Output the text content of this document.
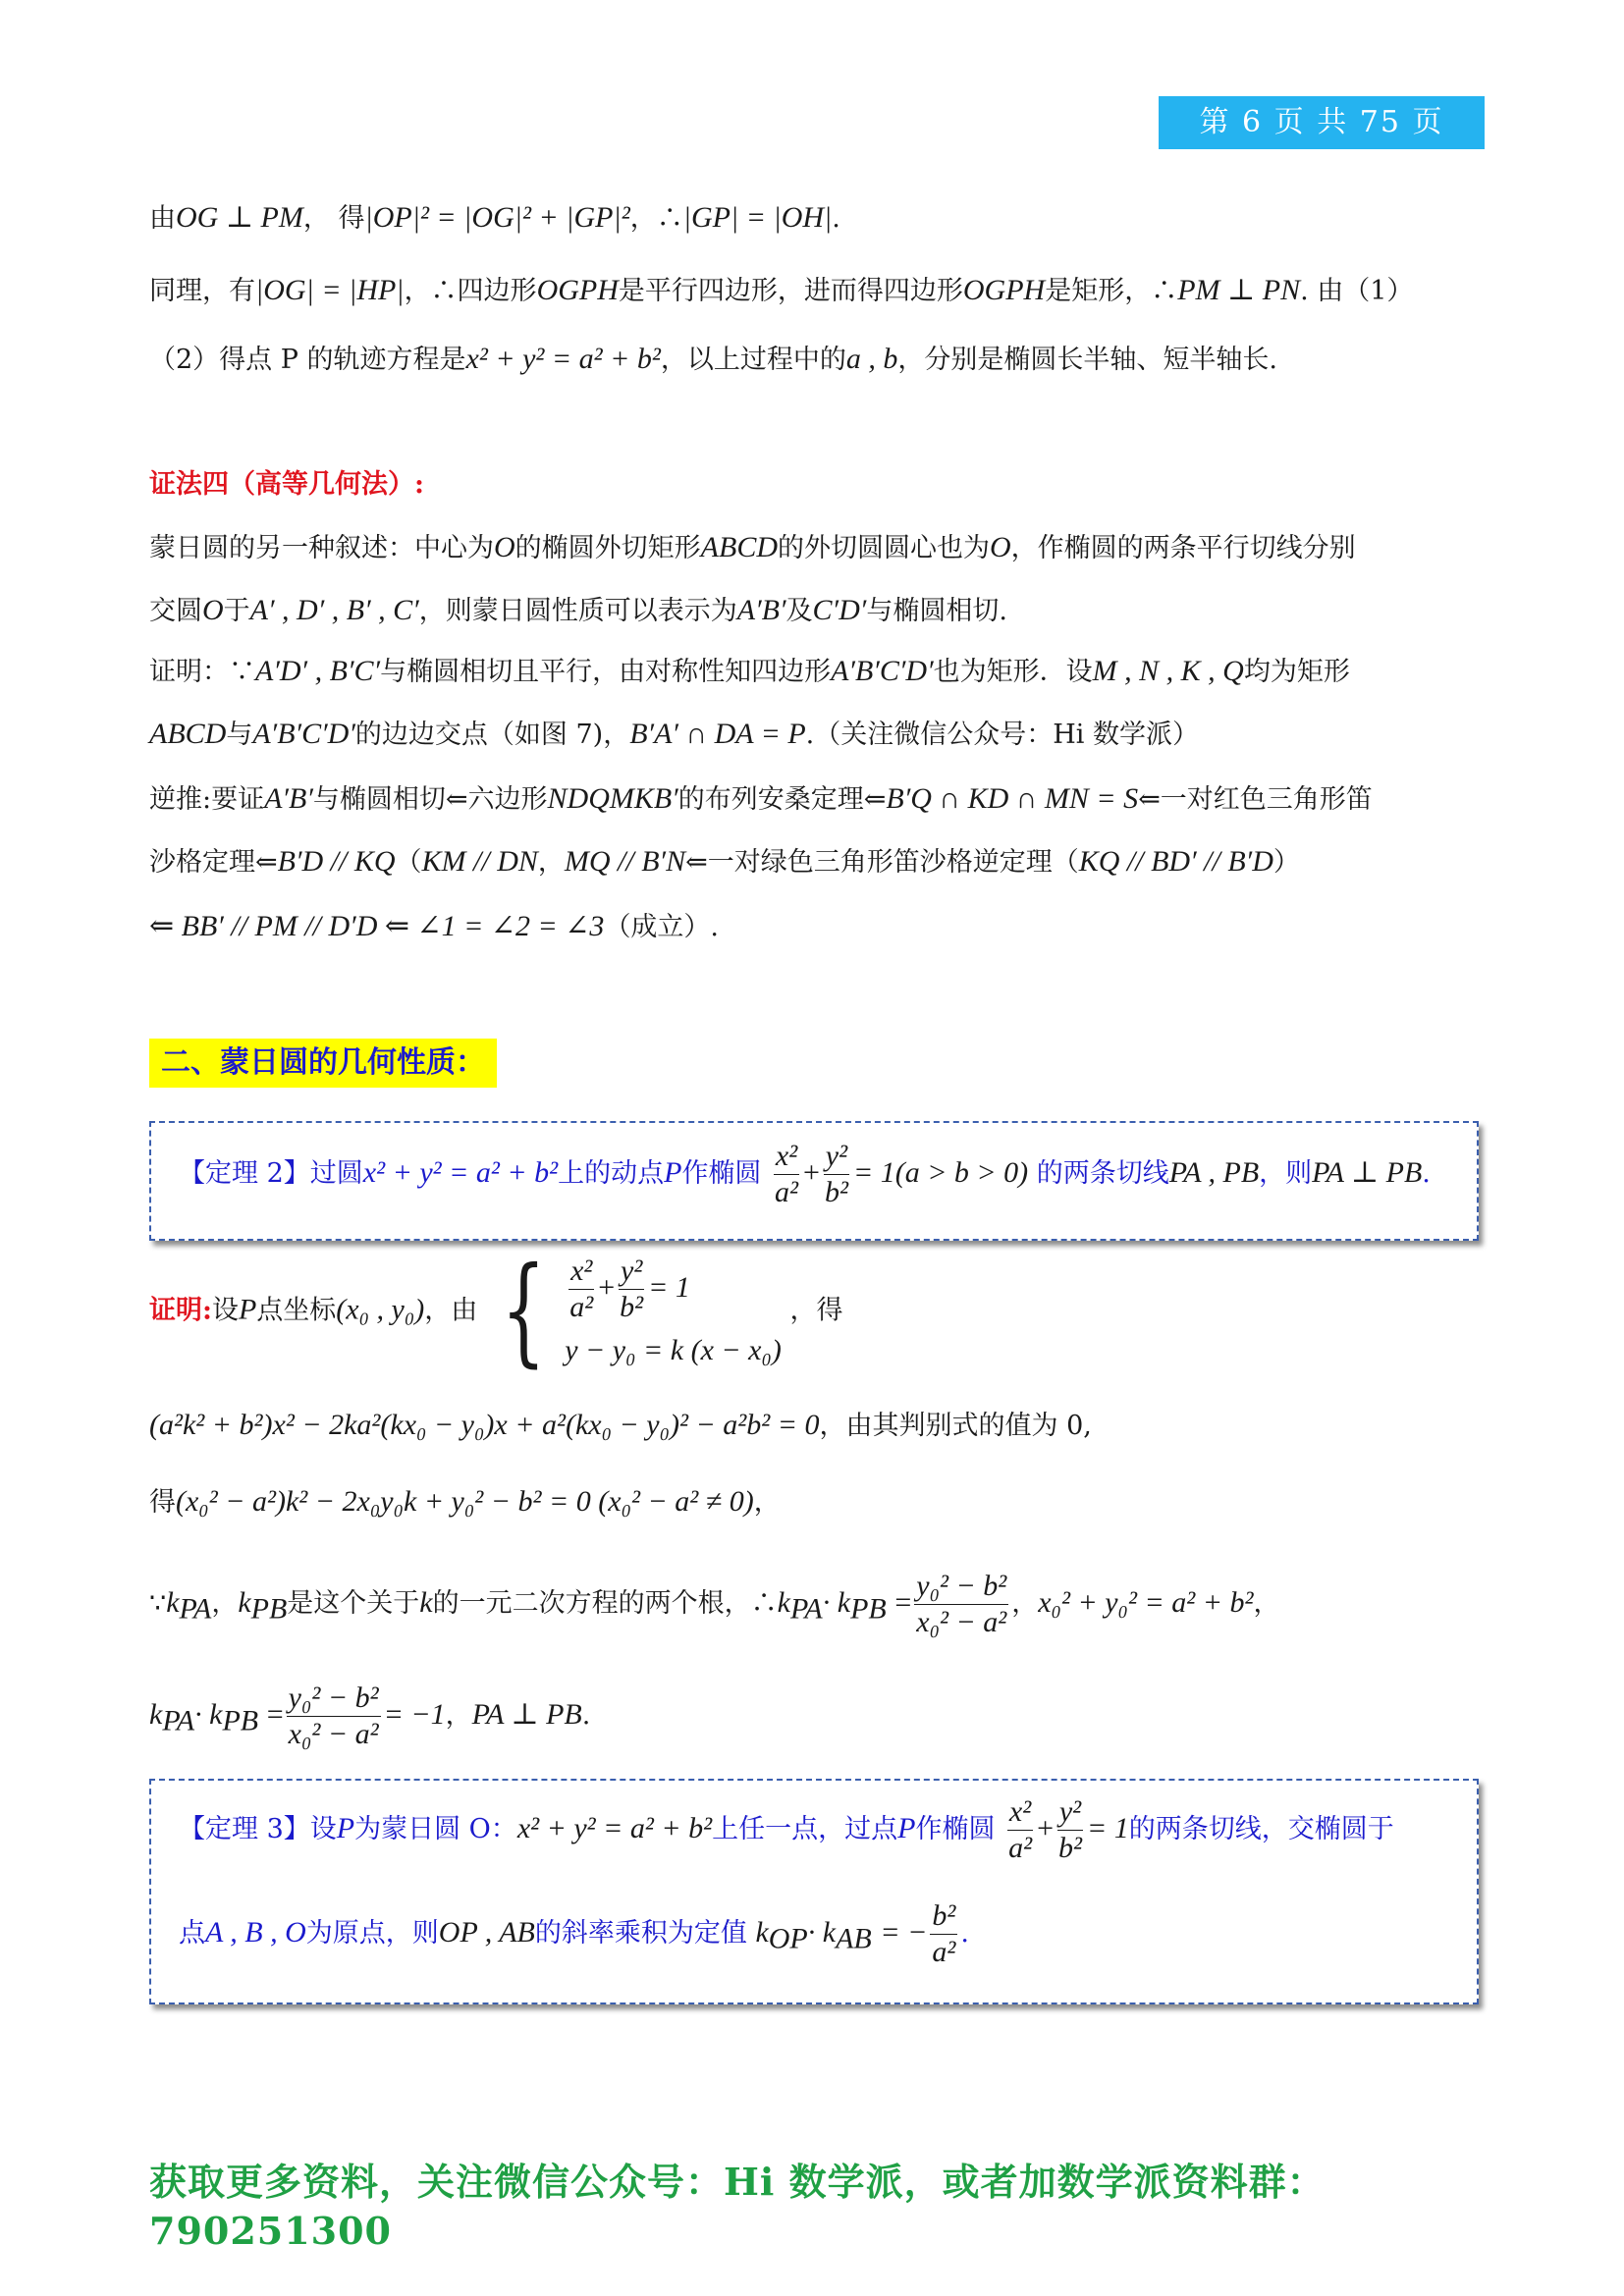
第 6 页 共 75 页
由OG ⊥ PM， 得|OP|² = |OG|² + |GP|²，∴|GP| = |OH|.
同理，有|OG| = |HP|，∴四边形OGPH是平行四边形，进而得四边形OGPH是矩形，∴PM ⊥ PN. 由（1）
（2）得点 P 的轨迹方程是x² + y² = a² + b²，以上过程中的a , b，分别是椭圆长半轴、短半轴长.
证法四（高等几何法）:
蒙日圆的另一种叙述：中心为O的椭圆外切矩形ABCD的外切圆圆心也为O，作椭圆的两条平行切线分别
交圆O于A′ , D′ , B′ , C′，则蒙日圆性质可以表示为A′B′及C′D′与椭圆相切.
证明：∵A′D′ , B′C′与椭圆相切且平行，由对称性知四边形A′B′C′D′也为矩形．设M , N , K , Q均为矩形
ABCD与A′B′C′D′的边边交点（如图 7)，B′A′ ∩ DA = P.（关注微信公众号：Hi 数学派）
逆推:要证A′B′与椭圆相切⇐六边形NDQMKB′的布列安桑定理⇐B′Q ∩ KD ∩ MN = S⇐一对红色三角形笛
沙格定理⇐B′D // KQ（KM // DN，MQ // B′N⇐一对绿色三角形笛沙格逆定理（KQ // BD′ // B′D）
⇐ BB′ // PM // D′D ⇐ ∠1 = ∠2 = ∠3（成立）.
二、蒙日圆的几何性质：
【定理 2】过圆x² + y² = a² + b²上的动点P作椭圆 $\frac{\text{x²}}{\text{a²}} + \frac{\text{y²}}{\text{b²}} = 1(a > b > 0)$ 的两条切线PA , PB，则PA ⊥ PB.
证明:设P点坐标(x₀ , y₀)，由 { $\frac{\text{x²}}{\text{a²}} + \frac{\text{y²}}{\text{b²}} = 1$
y − y₀ = k (x − x₀)
，得
(a²k² + b²)x² − 2ka²(kx₀ − y₀)x + a²(kx₀ − y₀)² − a²b² = 0，由其判别式的值为 0,
得(x₀² − a²)k² − 2x₀y₀k + y₀² − b² = 0 (x₀² − a² ≠ 0)，
$\because k_{PA}$，$k_{PB}$是这个关于k的一元二次方程的两个根，$\therefore k_{PA}\cdot k_{PB} = \frac{\text{y₀² − b²}}{\text{x₀² − a²}}$ ，x₀² + y₀² = a² + b²，
$k_{PA}\cdot k_{PB} = \frac{\text{y₀² − b²}}{\text{x₀² − a²}} = -1$，PA ⊥ PB.
【定理 3】设P为蒙日圆 O：x² + y² = a² + b²上任一点，过点P作椭圆 $\frac{\text{x²}}{\text{a²}} + \frac{\text{y²}}{\text{b²}} = 1$的两条切线，交椭圆于
点A , B , O为原点，则OP , AB的斜率乘积为定值 $k_{OP}\cdot k_{AB}$ = − $\frac{\text{b²}}{\text{a²}}$ .
获取更多资料，关注微信公众号：Hi 数学派，或者加数学派资料群：790251300
